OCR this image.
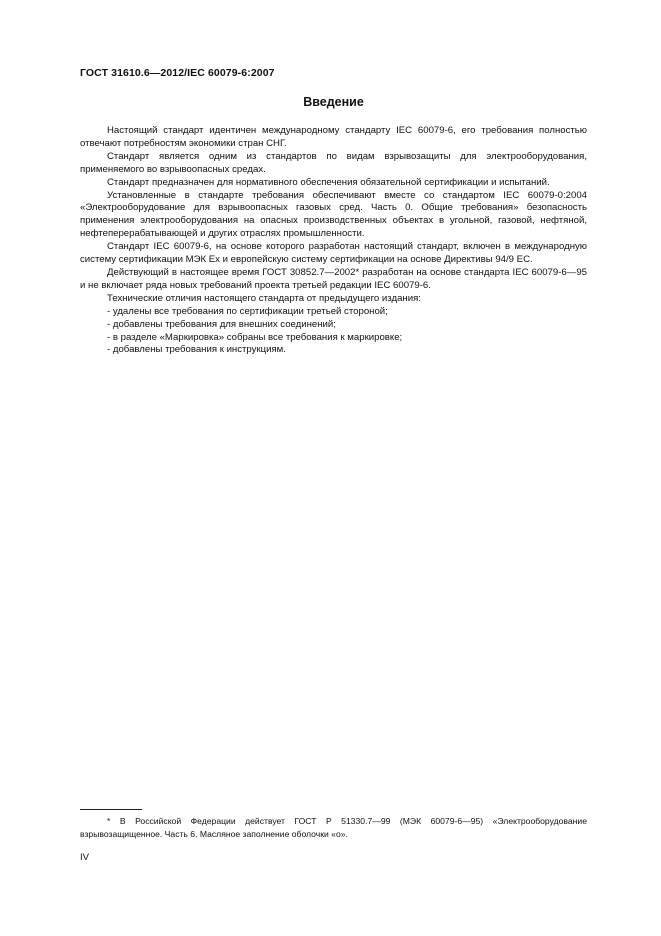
ГОСТ 31610.6—2012/IEC 60079-6:2007
Введение

Настоящий стандарт идентичен международному стандарту IEC 60079-6, его требования полностью отвечают потребностям экономики стран СНГ.

Стандарт является одним из стандартов по видам взрывозащиты для электрооборудования, применяемого во взрывоопасных средах.

Стандарт предназначен для нормативного обеспечения обязательной сертификации и испытаний.

Установленные в стандарте требования обеспечивают вместе со стандартом IEC 60079-0:2004 «Электрооборудование для взрывоопасных газовых сред. Часть 0. Общие требования» безопасность применения электрооборудования на опасных производственных объектах в угольной, газовой, нефтяной, нефтеперерабатывающей и других отраслях промышленности.

Стандарт IEC 60079-6, на основе которого разработан настоящий стандарт, включен в международную систему сертификации МЭК Ex и европейскую систему сертификации на основе Директивы 94/9 ЕС.

Действующий в настоящее время ГОСТ 30852.7—2002* разработан на основе стандарта IEC 60079-6—95 и не включает ряда новых требований проекта третьей редакции IEC 60079-6.

Технические отличия настоящего стандарта от предыдущего издания:

- удалены все требования по сертификации третьей стороной;
- добавлены требования для внешних соединений;
- в разделе «Маркировка» собраны все требования к маркировке;
- добавлены требования к инструкциям.
* В Российской Федерации действует ГОСТ Р 51330.7—99 (МЭК 60079-6—95) «Электрооборудование взрывозащищенное. Часть 6. Масляное заполнение оболочки «о».
IV
